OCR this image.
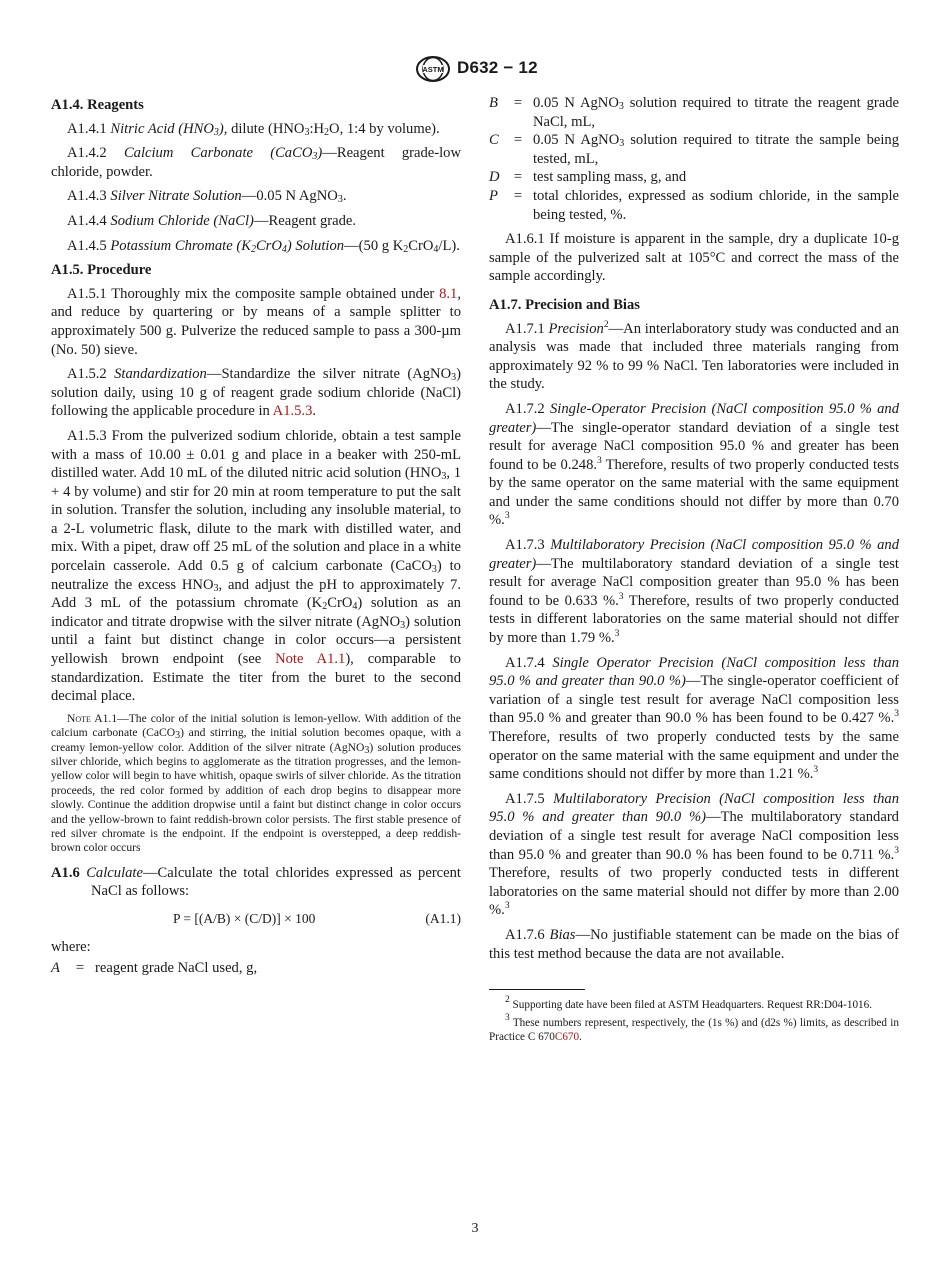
ASTM D632 − 12

A1.4. Reagents

A1.4.1 Nitric Acid $(HNO_3)$, dilute ($HNO_3:H_2O$, 1:4 by volume).

A1.4.2 Calcium Carbonate (CaCO$_3$)—Reagent grade-low chloride, powder.

A1.4.3 Silver Nitrate Solution—0.05 N AgNO$_3$.

A1.4.4 Sodium Chloride (NaCl)—Reagent grade.

A1.4.5 Potassium Chromate $(K_2CrO_4)$ Solution—(50 g $K_2CrO_4/L$).

A1.5. Procedure

A1.5.1 Thoroughly mix the composite sample obtained under 8.1, and reduce by quartering or by means of a sample splitter to approximately 500 g. Pulverize the reduced sample to pass a 300-µm (No. 50) sieve.

A1.5.2 Standardization—Standardize the silver nitrate (AgNO$_3$) solution daily, using 10 g of reagent grade sodium chloride (NaCl) following the applicable procedure in A1.5.3.

A1.5.3 From the pulverized sodium chloride, obtain a test sample with a mass of 10.00 ± 0.01 g and place in a beaker with 250-mL distilled water. Add 10 mL of the diluted nitric acid solution ($HNO_3$, 1 + 4 by volume) and stir for 20 min at room temperature to put the salt in solution. Transfer the solution, including any insoluble material, to a 2-L volumetric flask, dilute to the mark with distilled water, and mix. With a pipet, draw off 25 mL of the solution and place in a white porcelain casserole. Add 0.5 g of calcium carbonate (CaCO$_3$) to neutralize the excess $HNO_3$, and adjust the pH to approximately 7. Add 3 mL of the potassium chromate $(K_2CrO_4)$ solution as an indicator and titrate dropwise with the silver nitrate (AgNO$_3$) solution until a faint but distinct change in color occurs—a persistent yellowish brown endpoint (see Note A1.1), comparable to standardization. Estimate the titer from the buret to the second decimal place.

Note A1.1—The color of the initial solution is lemon-yellow. With addition of the calcium carbonate (CaCO$_3$) and stirring, the initial solution becomes opaque, with a creamy lemon-yellow color. Addition of the silver nitrate (AgNO$_3$) solution produces silver chloride, which begins to agglomerate as the titration progresses, and the lemon-yellow color will begin to have whitish, opaque swirls of silver chloride. As the titration proceeds, the red color formed by addition of each drop begins to disappear more slowly. Continue the addition dropwise until a faint but distinct change in color occurs and the yellow-brown to faint reddish-brown color persists. The first stable presence of red silver chromate is the endpoint. If the endpoint is overstepped, a deep reddish-brown color occurs

A1.6 Calculate—Calculate the total chlorides expressed as percent NaCl as follows:

P = [(A/B) × (C/D)] × 100	(A1.1)

where:

A	= reagent grade NaCl used, g,
B	= 0.05 N AgNO$_3$ solution required to titrate the reagent grade NaCl, mL,
C	= 0.05 N AgNO$_3$ solution required to titrate the sample being tested, mL,
D = test sampling mass, g, and
P	= total chlorides, expressed as sodium chloride, in the sample being tested, %.

A1.6.1 If moisture is apparent in the sample, dry a duplicate 10-g sample of the pulverized salt at 105°C and correct the mass of the sample accordingly.

A1.7. Precision and Bias

A1.7.1 Precision$^2$—An interlaboratory study was conducted and an analysis was made that included three materials ranging from approximately 92 % to 99 % NaCl. Ten laboratories were included in the study.

A1.7.2 Single-Operator Precision (NaCl composition 95.0 % and greater)—The single-operator standard deviation of a single test result for average NaCl composition 95.0 % and greater has been found to be 0.248.$^3$ Therefore, results of two properly conducted tests by the same operator on the same material with the same equipment and under the same conditions should not differ by more than 0.70 %.$^3$

A1.7.3 Multilaboratory Precision (NaCl composition 95.0 % and greater)—The multilaboratory standard deviation of a single test result for average NaCl composition greater than 95.0 % has been found to be 0.633 %.$^3$ Therefore, results of two properly conducted tests in different laboratories on the same material should not differ by more than 1.79 %.$^3$

A1.7.4 Single Operator Precision (NaCl composition less than 95.0 % and greater than 90.0 %)—The single-operator coefficient of variation of a single test result for average NaCl composition less than 95.0 % and greater than 90.0 % has been found to be 0.427 %.$^3$ Therefore, results of two properly conducted tests by the same operator on the same material with the same equipment and under the same conditions should not differ by more than 1.21 %.$^3$

A1.7.5 Multilaboratory Precision (NaCl composition less than 95.0 % and greater than 90.0 %)—The multilaboratory standard deviation of a single test result for average NaCl composition less than 95.0 % and greater than 90.0 % has been found to be 0.711 %.$^3$ Therefore, results of two properly conducted tests in different laboratories on the same material should not differ by more than 2.00 %.$^3$

A1.7.6 Bias—No justifiable statement can be made on the bias of this test method because the data are not available.

$^2$ Supporting date have been filed at ASTM Headquarters. Request RR:D04-1016.

$^3$ These numbers represent, respectively, the (1s %) and (d2s %) limits, as described in Practice C 670C670.

3
